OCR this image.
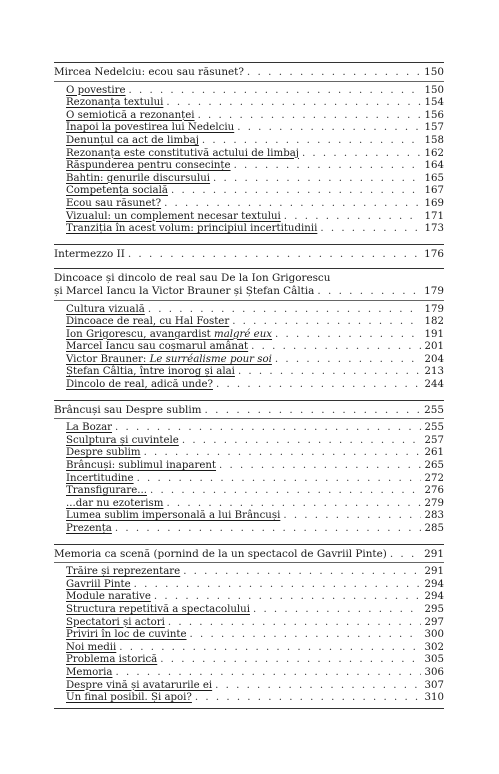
Mircea Nedelciu: ecou sau răsunet? . . .	150
O povestire . . .	150
Rezonanța textului . . .	154
O semiotică a rezonanței . . .	156
Înapoi la povestirea lui Nedelciu . . .	157
Denunțul ca act de limbaj . . .	158
Rezonanța este constitutivă actului de limbaj . . .	162
Răspunderea pentru consecințe . . .	164
Bahtin: genurile discursului . . .	165
Competența socială . . .	167
Ecou sau răsunet? . . .	169
Vizualul: un complement necesar textului . . .	171
Tranziția în acest volum: principiul incertitudinii . . .	173
Intermezzo II . . .	176
Dincoace și dincolo de real sau De la Ion Grigorescu
și Marcel Iancu la Victor Brauner și Ștefan Câltia . . .	179
Cultura vizuală . . .	179
Dincoace de real, cu Hal Foster . . .	182
Ion Grigorescu, avangardist malgré eux . . .	191
Marcel Iancu sau coșmarul amânat . . .	201
Victor Brauner: Le surréalisme pour soi . . .	204
Ștefan Câltia, între inorog și alai . . .	213
Dincolo de real, adică unde? . . .	244
Brâncuși sau Despre sublim . . .	255
La Bozar . . .	255
Sculptura și cuvintele . . .	257
Despre sublim . . .	261
Brâncuși: sublimul inaparent . . .	265
Incertitudine . . .	272
Transfigurare... . . .	276
...dar nu ezoterism . . .	279
Lumea sublim impersonală a lui Brâncuși . . .	283
Prezența . . .	285
Memoria ca scenă (pornind de la un spectacol de Gavriil Pinte) . . .	291
Trăire și reprezentare . . .	291
Gavriil Pinte . . .	294
Module narative . . .	294
Structura repetitivă a spectacolului . . .	295
Spectatori și actori . . .	297
Priviri în loc de cuvinte . . .	300
Noi medii . . .	302
Problema istorică . . .	305
Memoria . . .	306
Despre vină și avatarurile ei . . .	307
Un final posibil. Și apoi? . . .	310
